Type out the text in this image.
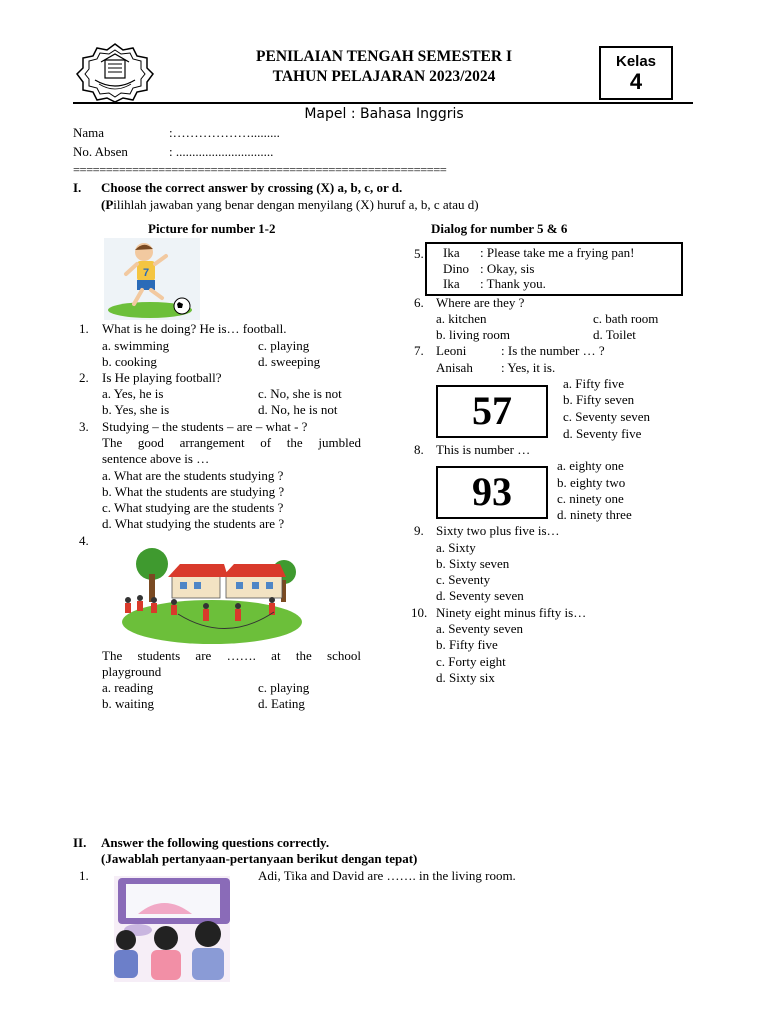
PENILAIAN TENGAH SEMESTER I
TAHUN PELAJARAN 2023/2024
Kelas
4
Mapel : Bahasa Inggris
Nama	:……………….........
No. Absen	: ..............................
=========================================================
I. Choose the correct answer by crossing (X) a, b, c, or d.
(Pilihlah jawaban yang benar dengan menyilang (X) huruf a, b, c atau d)
Picture for number 1-2	Dialog for number 5 & 6
7
1. What is he doing? He is… football.
a. swimming	c. playing
b. cooking	d. sweeping
2. Is He playing football?
a. Yes, he is	c. No, she is not
b. Yes, she is	d. No, he is not
3. Studying – the students – are – what - ?
The good arrangement of the jumbled
sentence above is …
a. What are the students studying ?
b. What the students are studying ?
c. What studying are the students ?
d. What studying the students are ?
4.
The students are ……. at the school
playground
a. reading	c. playing
b. waiting	d. Eating
5. Ika : Please take me a frying pan!
Dino : Okay, sis
Ika : Thank you.
6. Where are they ?
a. kitchen	c. bath room
b. living room	d. Toilet
7. Leoni	: Is the number … ?
Anisah : Yes, it is.
57
a. Fifty five
b. Fifty seven
c. Seventy seven
d. Seventy five
8. This is number …
93
a. eighty one
b. eighty two
c. ninety one
d. ninety three
9. Sixty two plus five is…
a. Sixty
b. Sixty seven
c. Seventy
d. Seventy seven
10. Ninety eight minus fifty is…
a. Seventy seven
b. Fifty five
c. Forty eight
d. Sixty six
II. Answer the following questions correctly.
(Jawablah pertanyaan-pertanyaan berikut dengan tepat)
1.	Adi, Tika and David are ……. in the living room.
